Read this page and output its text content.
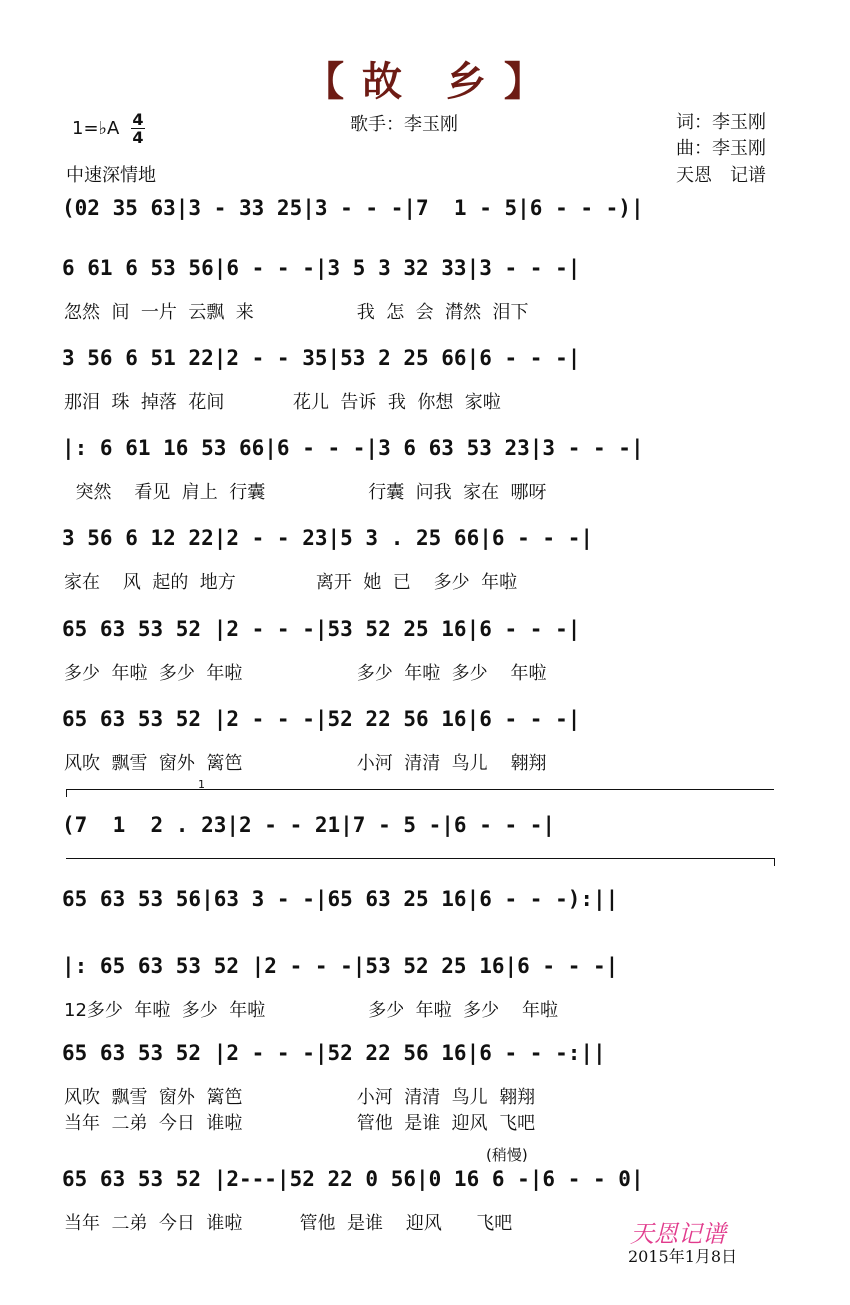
【 故　乡 】
1=♭A 4
4
歌手：李玉刚	词：李玉刚
曲：李玉刚
中速深情地	天恩　记谱
(02 35 63|3 - 33 25|3 - - -|7  1 - 5|6 - - -)|
6 61 6 53 56|6 - - -|3 5 3 32 33|3 - - -|
忽然  间  一片  云飘  来                  我  怎  会  潸然  泪下
3 56 6 51 22|2 - - 35|53 2 25 66|6 - - -|
那泪  珠  掉落  花间            花儿  告诉  我  你想  家啦
|: 6 61 16 53 66|6 - - -|3 6 63 53 23|3 - - -|
突然    看见  肩上  行囊                  行囊  问我  家在  哪呀
3 56 6 12 22|2 - - 23|5 3 . 25 66|6 - - -|
家在    风  起的  地方              离开  她  已    多少  年啦
65 63 53 52 |2 - - -|53 52 25 16|6 - - -|
多少  年啦  多少  年啦                    多少  年啦  多少    年啦
65 63 53 52 |2 - - -|52 22 56 16|6 - - -|
风吹  飘雪  窗外  篱笆                    小河  清清  鸟儿    翱翔
(7  1  2 . 23|2 - - 21|7 - 5 -|6 - - -|
65 63 53 56|63 3 - -|65 63 25 16|6 - - -):||
|: 65 63 53 52 |2 - - -|53 52 25 16|6 - - -|
12多少  年啦  多少  年啦                  多少  年啦  多少    年啦
65 63 53 52 |2 - - -|52 22 56 16|6 - - -:||
风吹  飘雪  窗外  篱笆                    小河  清清  鸟儿  翱翔
当年  二弟  今日  谁啦                    管他  是谁  迎风  飞吧
65 63 53 52 |2---|52 22 0 56|0 16 6 -|6 - - 0|
当年  二弟  今日  谁啦          管他  是谁    迎风      飞吧
1
(稍慢)
天恩记谱
2015年1月8日
